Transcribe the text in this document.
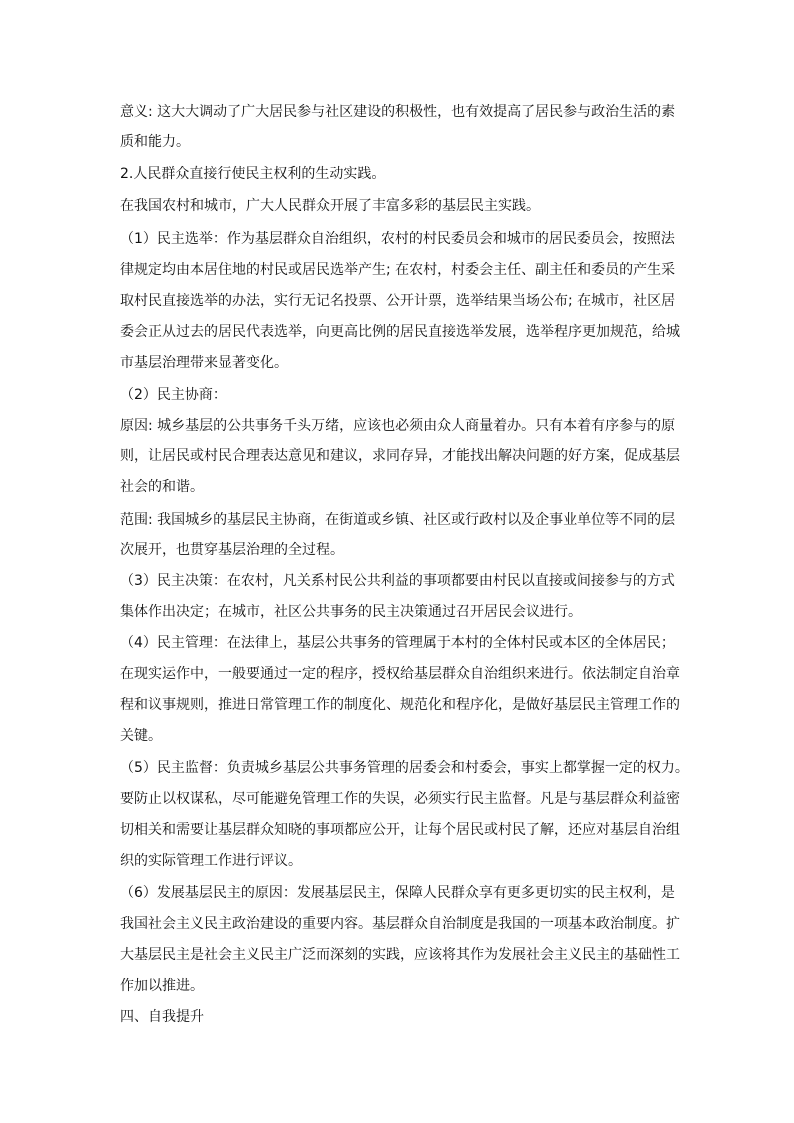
意义: 这大大调动了广大居民参与社区建设的积极性，也有效提高了居民参与政治生活的素
质和能力。
2.人民群众直接行使民主权利的生动实践。
在我国农村和城市，广大人民群众开展了丰富多彩的基层民主实践。
（1）民主选举：作为基层群众自治组织，农村的村民委员会和城市的居民委员会，按照法
律规定均由本居住地的村民或居民选举产生; 在农村，村委会主任、副主任和委员的产生采
取村民直接选举的办法，实行无记名投票、公开计票，选举结果当场公布; 在城市，社区居
委会正从过去的居民代表选举，向更高比例的居民直接选举发展，选举程序更加规范，给城
市基层治理带来显著变化。
（2）民主协商：
原因: 城乡基层的公共事务千头万绪，应该也必须由众人商量着办。只有本着有序参与的原
则，让居民或村民合理表达意见和建议，求同存异，才能找出解决问题的好方案，促成基层
社会的和谐。
范围: 我国城乡的基层民主协商，在街道或乡镇、社区或行政村以及企事业单位等不同的层
次展开，也贯穿基层治理的全过程。
（3）民主决策：在农村，凡关系村民公共利益的事项都要由村民以直接或间接参与的方式
集体作出决定；在城市，社区公共事务的民主决策通过召开居民会议进行。
（4）民主管理：在法律上，基层公共事务的管理属于本村的全体村民或本区的全体居民；
在现实运作中，一般要通过一定的程序，授权给基层群众自治组织来进行。依法制定自治章
程和议事规则，推进日常管理工作的制度化、规范化和程序化，是做好基层民主管理工作的
关键。
（5）民主监督：负责城乡基层公共事务管理的居委会和村委会，事实上都掌握一定的权力。
要防止以权谋私，尽可能避免管理工作的失误，必须实行民主监督。凡是与基层群众利益密
切相关和需要让基层群众知晓的事项都应公开，让每个居民或村民了解，还应对基层自治组
织的实际管理工作进行评议。
（6）发展基层民主的原因：发展基层民主，保障人民群众享有更多更切实的民主权利，是
我国社会主义民主政治建设的重要内容。基层群众自治制度是我国的一项基本政治制度。扩
大基层民主是社会主义民主广泛而深刻的实践，应该将其作为发展社会主义民主的基础性工
作加以推进。
四、自我提升
